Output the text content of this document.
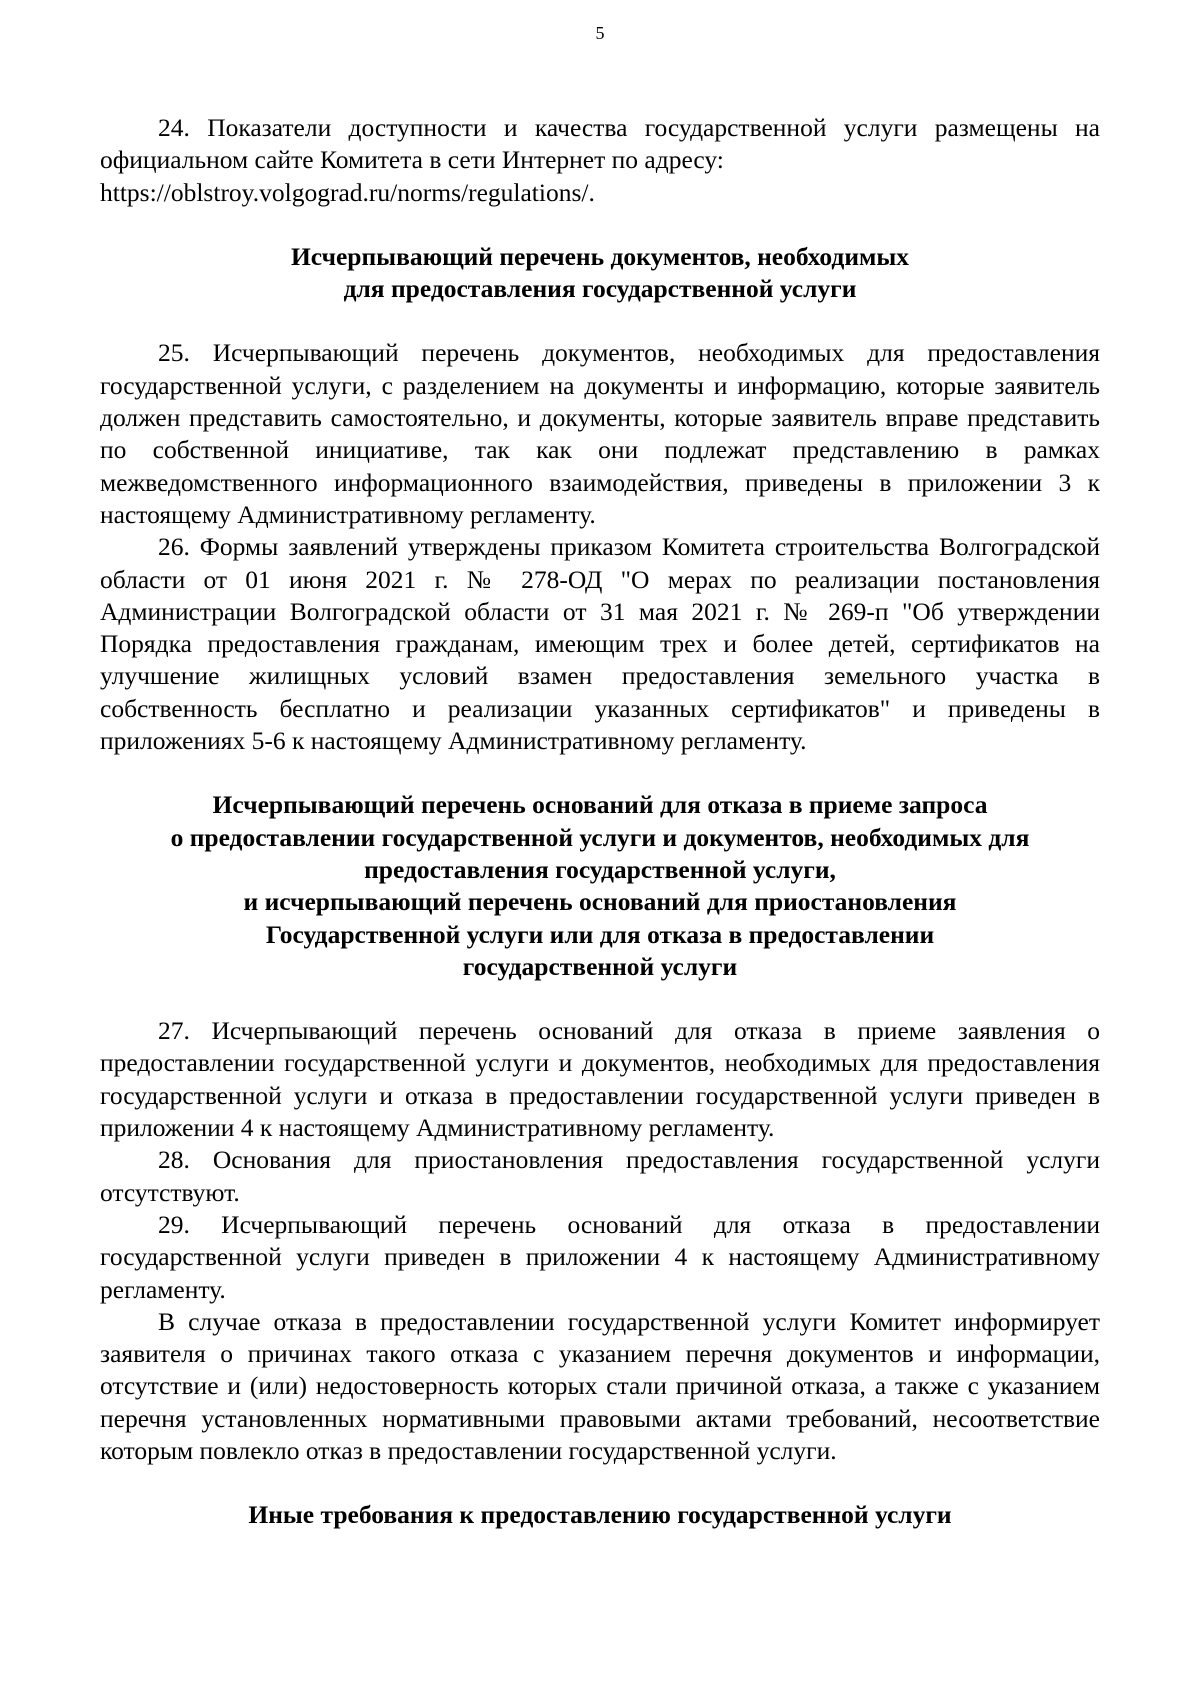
5

24. Показатели доступности и качества государственной услуги размещены на официальном сайте Комитета в сети Интернет по адресу:
https://oblstroy.volgograd.ru/norms/regulations/.

Исчерпывающий перечень документов, необходимых
для предоставления государственной услуги

25. Исчерпывающий перечень документов, необходимых для предоставления государственной услуги, с разделением на документы и информацию, которые заявитель должен представить самостоятельно, и документы, которые заявитель вправе представить по собственной инициативе, так как они подлежат представлению в рамках межведомственного информационного взаимодействия, приведены в приложении 3 к настоящему Административному регламенту.

26. Формы заявлений утверждены приказом Комитета строительства Волгоградской области от 01 июня 2021 г. № 278-ОД "О мерах по реализации постановления Администрации Волгоградской области от 31 мая 2021 г. № 269-п "Об утверждении Порядка предоставления гражданам, имеющим трех и более детей, сертификатов на улучшение жилищных условий взамен предоставления земельного участка в собственность бесплатно и реализации указанных сертификатов" и приведены в приложениях 5-6 к настоящему Административному регламенту.

Исчерпывающий перечень оснований для отказа в приеме запроса
о предоставлении государственной услуги и документов, необходимых для
предоставления государственной услуги,
и исчерпывающий перечень оснований для приостановления
Государственной услуги или для отказа в предоставлении
государственной услуги

27. Исчерпывающий перечень оснований для отказа в приеме заявления о предоставлении государственной услуги и документов, необходимых для предоставления государственной услуги и отказа в предоставлении государственной услуги приведен в приложении 4 к настоящему Административному регламенту.

28. Основания для приостановления предоставления государственной услуги отсутствуют.

29. Исчерпывающий перечень оснований для отказа в предоставлении государственной услуги приведен в приложении 4 к настоящему Административному регламенту.

В случае отказа в предоставлении государственной услуги Комитет информирует заявителя о причинах такого отказа с указанием перечня документов и информации, отсутствие и (или) недостоверность которых стали причиной отказа, а также с указанием перечня установленных нормативными правовыми актами требований, несоответствие которым повлекло отказ в предоставлении государственной услуги.

Иные требования к предоставлению государственной услуги
